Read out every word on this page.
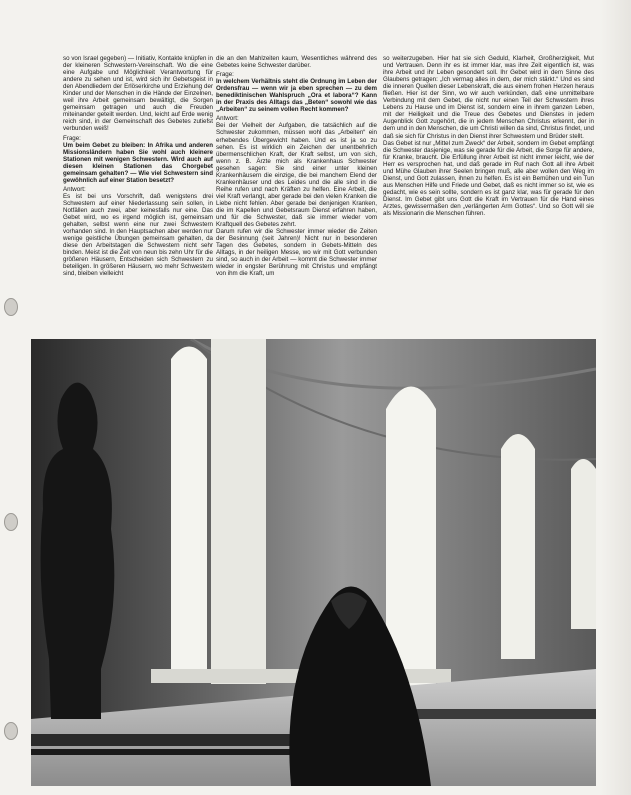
so von Israel gegeben) — Initiativ, Kontakte knüpfen in der kleineren Schwestern-Vereinschaft. Wo die eine eine Aufgabe und Möglichkeit Verantwortung für andere zu sehen und ist, wird sich ihr Gebetsgeist in den Abendliedern der Erlöserkirche und Erziehung der Kinder und der Menschen in die Hände der Einzelnen, weil ihre Arbeit gemeinsam bewältigt, die Sorgen gemeinsam getragen und auch die Freuden miteinander geteilt werden. Und, leicht auf Erde wenig reich sind, in der Gemeinschaft des Gebetes zutiefst verbunden weiß!

Frage:
Um beim Gebet zu bleiben: In Afrika und anderen Missionsländern haben Sie wohl auch kleinere Stationen mit wenigen Schwestern. Wird auch auf diesen kleinen Stationen das Chorgebet gemeinsam gehalten? — Wie viel Schwestern sind gewöhnlich auf einer Station besetzt?
Antwort:

Es ist bei uns Vorschrift, daß wenigstens drei Schwestern auf einer Niederlassung sein sollen, in Notfällen auch zwei, aber keinesfalls nur eine. Das Gebet wird, wo es irgend möglich ist, gemeinsam gehalten, selbst wenn eine nur zwei Schwestern vorhanden sind. In den Hauptsachen aber werden nur wenige geistliche Übungen gemeinsam gehalten, da diese den Arbeitstagen die Schwestern nicht sehr binden. Meist ist die Zeit von neun bis zehn Uhr für die größeren Häusern, Entscheiden sich Schwestern zu beteiligen. In größeren Häusern, wo mehr Schwestern sind, bleiben vielleicht

die an den Mahlzeiten kaum, Wesentliches während des Gebetes keine Schwester darüber.

Frage:
In welchem Verhältnis steht die Ordnung im Leben der Ordensfrau — wenn wir ja eben sprechen — zu dem benediktinischen Wahlspruch „Ora et labora“? Kann in der Praxis des Alltags das „Beten“ sowohl wie das „Arbeiten“ zu seinem vollen Recht kommen?
Antwort:

Bei der Vielheit der Aufgaben, die tatsächlich auf die Schwester zukommen, müssen wohl das „Arbeiten“ ein erhebendes Übergewicht haben. Und es ist ja so zu sehen. Es ist wirklich ein Zeichen der unentbehrlich übermenschlichen Kraft, der Kraft selbst, um von sich, wenn z. B. Ärzte mich als Krankenhaus Schwester gesehen sagen: Sie sind einer unter kleinen Krankenhäusern die einzige, die bei manchem Elend der Krankenhäuser und des Leides und die alle sind in die Reihe rufen und nach Kräften zu helfen. Eine Arbeit, die viel Kraft verlangt, aber gerade bei den vielen Kranken die Liebe nicht fehlen. Aber gerade bei denjenigen Kranken, die im Kapellen und Gebetsraum Dienst erfahren haben, und für die Schwester, daß sie immer wieder vom Kraftquell des Gebetes zehrt.
Darum rufen wir die Schwester immer wieder die Zeiten der Besinnung (seit Jahren)! Nicht nur in besonderen Tagen des Gebetes, sondern in Gebets-Mitteln des Alltags, in der heiligen Messe, wo wir mit Gott verbunden sind, so auch in der Arbeit — kommt die Schwester immer wieder in engster Berührung mit Christus und empfängt von ihm die Kraft, um

so weiterzugeben. Hier hat sie sich Geduld, Klarheit, Großherzigkeit, Mut und Vertrauen. Denn ihr es ist immer klar, was ihre Zeit eigentlich ist, was ihre Arbeit und ihr Leben gesondert soll. Ihr Gebet wird in dem Sinne des Glaubens getragen: „Ich vermag alles in dem, der mich stärkt.“ Und es sind die inneren Quellen dieser Lebenskraft, die aus einem frohen Herzen heraus fließen. Hier ist der Sinn, wo wir auch verkünden, daß eine unmittelbare Verbindung mit dem Gebet, die nicht nur einen Teil der Schwestern ihres Lebens zu Hause und im Dienst ist, sondern eine in ihrem ganzen Leben, mit der Heiligkeit und die Treue des Gebetes und Dienstes in jedem Augenblick Gott zugehört, die in jedem Menschen Christus erkennt, der in dem und in den Menschen, die um Christi willen da sind, Christus findet, und daß sie sich für Christus in den Dienst ihrer Schwestern und Brüder stellt.
Das Gebet ist nur „Mittel zum Zweck“ der Arbeit, sondern im Gebet empfängt die Schwester dasjenige, was sie gerade für die Arbeit, die Sorge für andere, für Kranke, braucht. Die Erfüllung ihrer Arbeit ist nicht immer leicht, wie der Herr es versprochen hat, und daß gerade im Ruf nach Gott all ihre Arbeit und Mühe Glauben ihrer Seelen bringen muß, alle aber wollen den Weg im Dienst, und Gott zulassen, ihnen zu helfen. Es ist ein Bemühen und ein Tun aus Menschen Hilfe und Friede und Gebet, daß es nicht immer so ist, wie es gedacht, wie es sein sollte, sondern es ist ganz klar, was für gerade für den Dienst. Im Gebet gibt uns Gott die Kraft im Vertrauen für die Hand eines Arztes, gewissermaßen den „verlängerten Arm Gottes“. Und so Gott will sie als Missionarin die Menschen führen.
